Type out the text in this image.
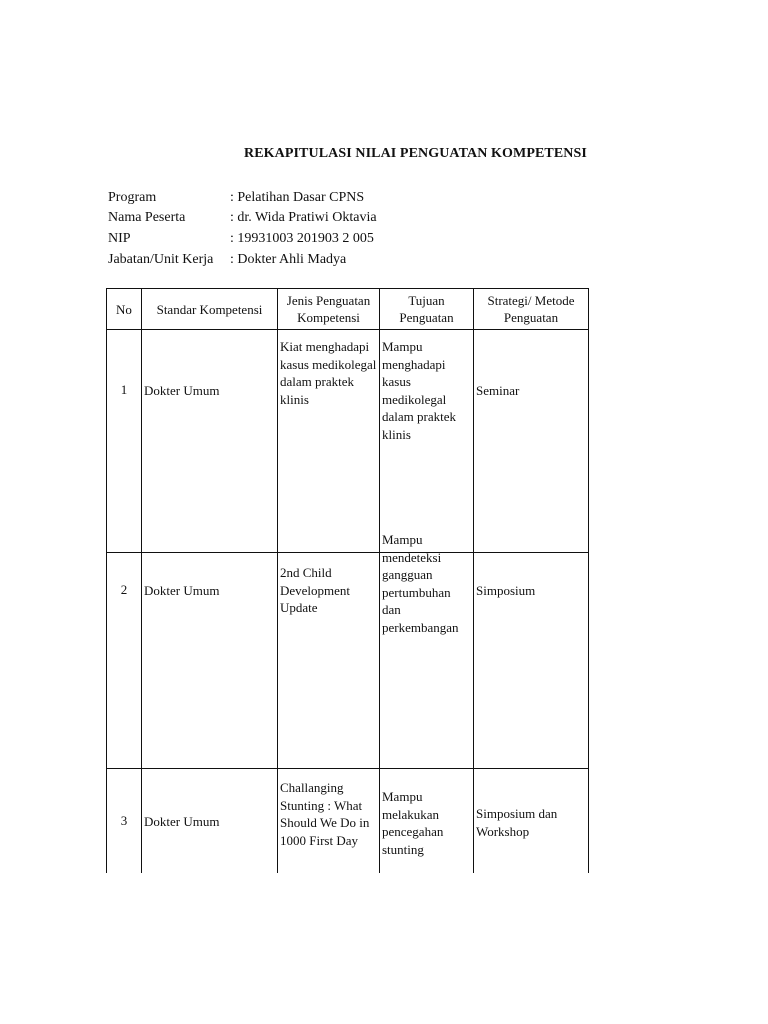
REKAPITULASI NILAI PENGUATAN KOMPETENSI
Program	: Pelatihan Dasar CPNS
Nama Peserta	: dr. Wida Pratiwi Oktavia
NIP	: 19931003 201903 2 005
Jabatan/Unit Kerja : Dokter Ahli Madya
No	Standar Kompetensi	Jenis Penguatan Kompetensi	Tujuan Penguatan	Strategi/ Metode Penguatan

1	Dokter Umum	Kiat menghadapi kasus medikolegal dalam praktek klinis	Mampu menghadapi kasus medikolegal dalam praktek klinis	Seminar

2	Dokter Umum	2nd Child Development Update	Mampu mendeteksi gangguan pertumbuhan dan perkembangan	Simposium

3	Dokter Umum	Challanging Stunting : What Should We Do in 1000 First Day	Mampu melakukan pencegahan stunting	Simposium dan Workshop
